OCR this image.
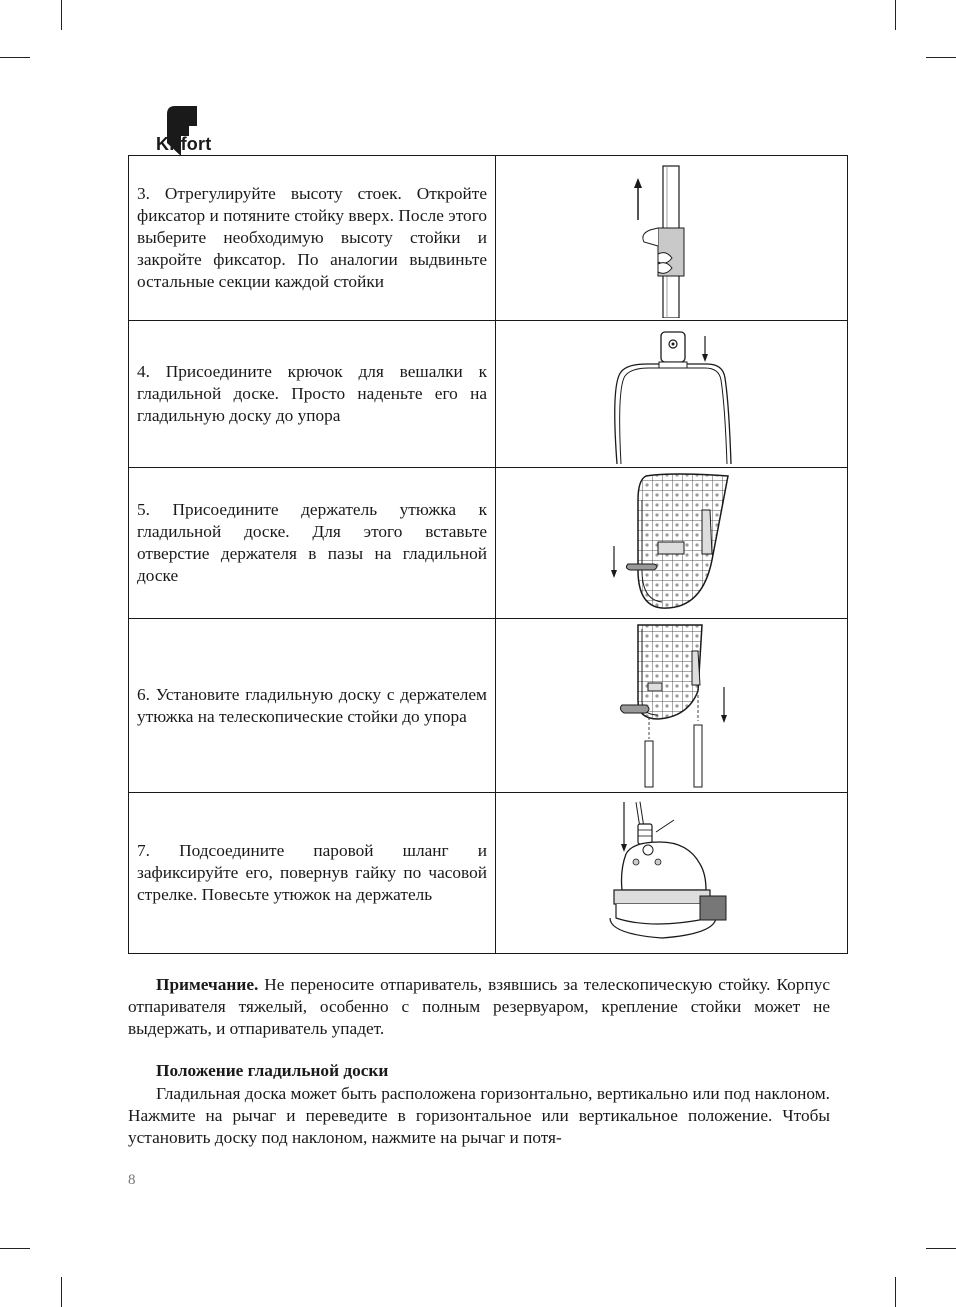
Kitfort
3. Отрегулируйте высоту стоек. Откройте фиксатор и потяните стойку вверх. После этого выберите необходимую высоту стойки и закройте фиксатор. По аналогии выдвиньте остальные секции каждой стойки	

4. Присоедините крючок для вешалки к гладильной доске. Просто наденьте его на гладильную доску до упора	

5. Присоедините держатель утюжка к гладильной доске. Для этого вставьте отверстие держателя в пазы на гладильной доске	

6. Установите гладильную доску с держателем утюжка на телескопические стойки до упора	

7. Подсоедините паровой шланг и зафиксируйте его, повернув гайку по часовой стрелке. Повесьте утюжок на держатель	

Примечание. Не переносите отпариватель, взявшись за телескопическую стойку. Корпус отпаривателя тяжелый, особенно с полным резервуаром, крепление стойки может не выдержать, и отпариватель упадет.

Положение гладильной доски

Гладильная доска может быть расположена горизонтально, вертикально или под наклоном. Нажмите на рычаг и переведите в горизонтальное или вертикальное положение. Чтобы установить доску под наклоном, нажмите на рычаг и потя-

8
